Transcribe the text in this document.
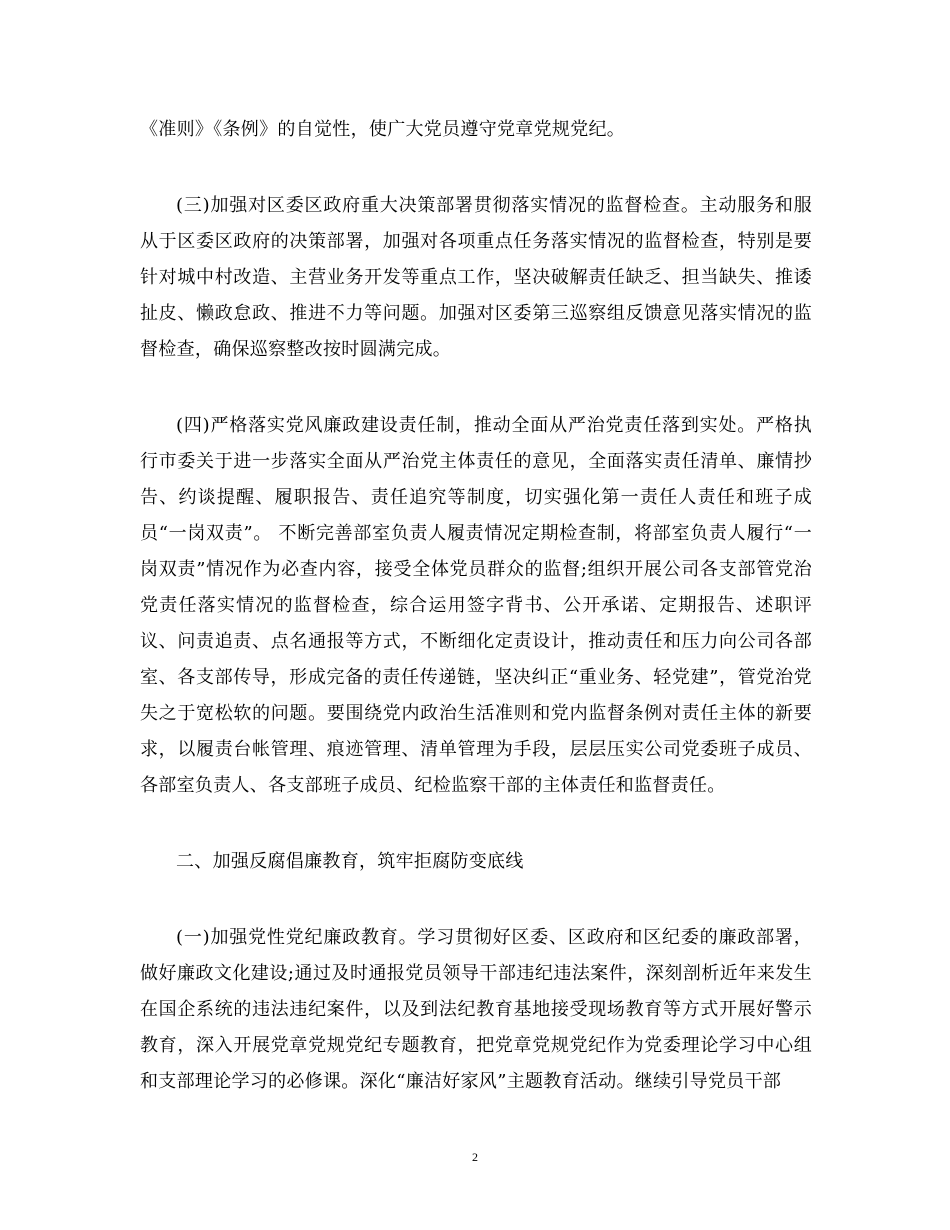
《准则》《条例》的自觉性，使广大党员遵守党章党规党纪。

(三)加强对区委区政府重大决策部署贯彻落实情况的监督检查。主动服务和服从于区委区政府的决策部署，加强对各项重点任务落实情况的监督检查，特别是要针对城中村改造、主营业务开发等重点工作，坚决破解责任缺乏、担当缺失、推诿扯皮、懒政怠政、推进不力等问题。加强对区委第三巡察组反馈意见落实情况的监督检查，确保巡察整改按时圆满完成。

(四)严格落实党风廉政建设责任制，推动全面从严治党责任落到实处。严格执行市委关于进一步落实全面从严治党主体责任的意见，全面落实责任清单、廉情抄告、约谈提醒、履职报告、责任追究等制度，切实强化第一责任人责任和班子成员“一岗双责”。 不断完善部室负责人履责情况定期检查制，将部室负责人履行“一岗双责”情况作为必查内容，接受全体党员群众的监督;组织开展公司各支部管党治党责任落实情况的监督检查，综合运用签字背书、公开承诺、定期报告、述职评议、问责追责、点名通报等方式，不断细化定责设计，推动责任和压力向公司各部室、各支部传导，形成完备的责任传递链，坚决纠正“重业务、轻党建”，管党治党失之于宽松软的问题。要围绕党内政治生活准则和党内监督条例对责任主体的新要求，以履责台帐管理、痕迹管理、清单管理为手段，层层压实公司党委班子成员、各部室负责人、各支部班子成员、纪检监察干部的主体责任和监督责任。

二、加强反腐倡廉教育，筑牢拒腐防变底线

(一)加强党性党纪廉政教育。学习贯彻好区委、区政府和区纪委的廉政部署，做好廉政文化建设;通过及时通报党员领导干部违纪违法案件，深刻剖析近年来发生在国企系统的违法违纪案件，以及到法纪教育基地接受现场教育等方式开展好警示教育，深入开展党章党规党纪专题教育，把党章党规党纪作为党委理论学习中心组和支部理论学习的必修课。深化“廉洁好家风”主题教育活动。继续引导党员干部

2
